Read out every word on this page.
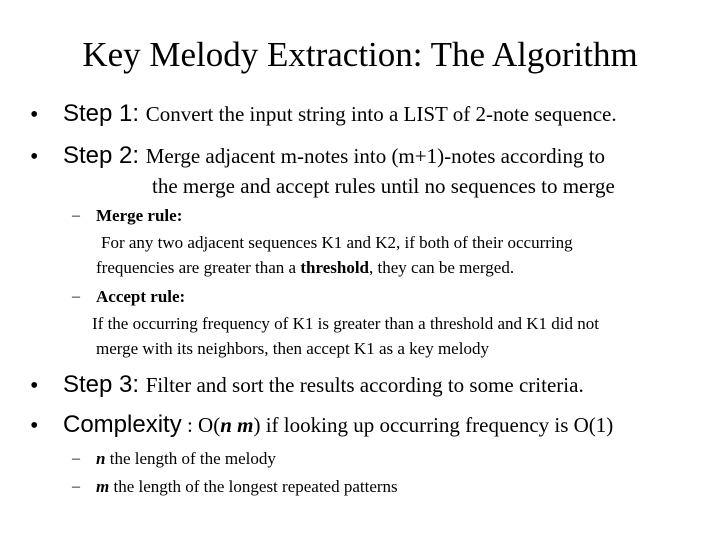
Key Melody Extraction: The Algorithm
• Step 1: Convert the input string into a LIST of 2-note sequence.
• Step 2: Merge adjacent m-notes into (m+1)-notes according to
the merge and accept rules until no sequences to merge
– Merge rule:
For any two adjacent sequences K1 and K2, if both of their occurring
frequencies are greater than a threshold, they can be merged.
– Accept rule:
If the occurring frequency of K1 is greater than a threshold and K1 did not
merge with its neighbors, then accept K1 as a key melody
• Step 3: Filter and sort the results according to some criteria.
• Complexity : O(n m) if looking up occurring frequency is O(1)
– n the length of the melody
– m the length of the longest repeated patterns
